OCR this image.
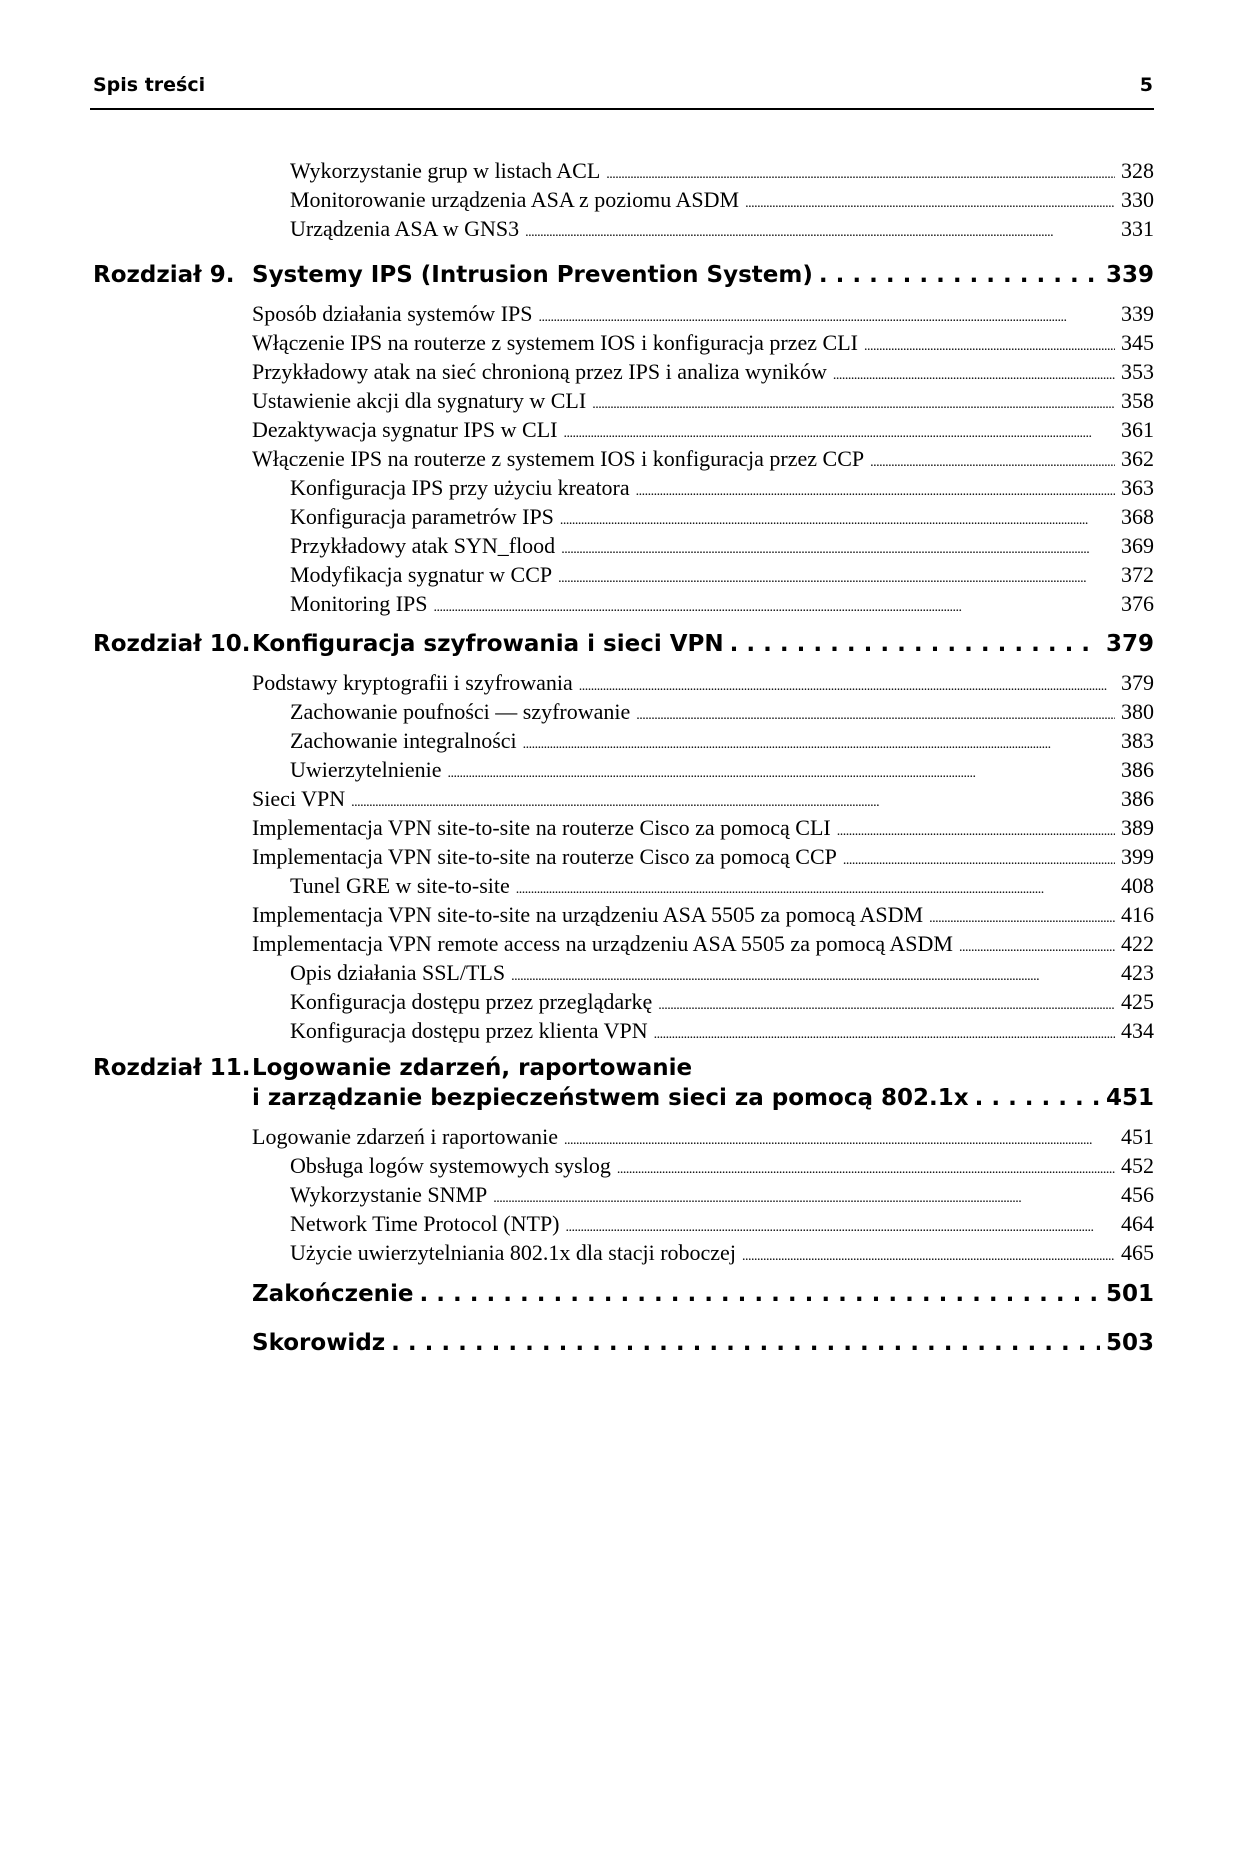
Spis treści	5
Wykorzystanie grup w listach ACL . . .	328
Monitorowanie urządzenia ASA z poziomu ASDM . . .	330
Urządzenia ASA w GNS3 . . .	331
Rozdział 9. Systemy IPS (Intrusion Prevention System) . . .	339
Sposób działania systemów IPS . . .	339
Włączenie IPS na routerze z systemem IOS i konfiguracja przez CLI . . .	345
Przykładowy atak na sieć chronioną przez IPS i analiza wyników . . .	353
Ustawienie akcji dla sygnatury w CLI . . .	358
Dezaktywacja sygnatur IPS w CLI . . .	361
Włączenie IPS na routerze z systemem IOS i konfiguracja przez CCP . . .	362
Konfiguracja IPS przy użyciu kreatora . . .	363
Konfiguracja parametrów IPS . . .	368
Przykładowy atak SYN_flood . . .	369
Modyfikacja sygnatur w CCP . . .	372
Monitoring IPS . . .	376
Rozdział 10. Konfiguracja szyfrowania i sieci VPN . . .	379
Podstawy kryptografii i szyfrowania . . .	379
Zachowanie poufności — szyfrowanie . . .	380
Zachowanie integralności . . .	383
Uwierzytelnienie . . .	386
Sieci VPN . . .	386
Implementacja VPN site-to-site na routerze Cisco za pomocą CLI . . .	389
Implementacja VPN site-to-site na routerze Cisco za pomocą CCP . . .	399
Tunel GRE w site-to-site . . .	408
Implementacja VPN site-to-site na urządzeniu ASA 5505 za pomocą ASDM . . .	416
Implementacja VPN remote access na urządzeniu ASA 5505 za pomocą ASDM . . .	422
Opis działania SSL/TLS . . .	423
Konfiguracja dostępu przez przeglądarkę . . .	425
Konfiguracja dostępu przez klienta VPN . . .	434
Rozdział 11. Logowanie zdarzeń, raportowanie
i zarządzanie bezpieczeństwem sieci za pomocą 802.1x . . .	451
Logowanie zdarzeń i raportowanie . . .	451
Obsługa logów systemowych syslog . . .	452
Wykorzystanie SNMP . . .	456
Network Time Protocol (NTP) . . .	464
Użycie uwierzytelniania 802.1x dla stacji roboczej . . .	465
Zakończenie . . .	501
Skorowidz . . .	503
